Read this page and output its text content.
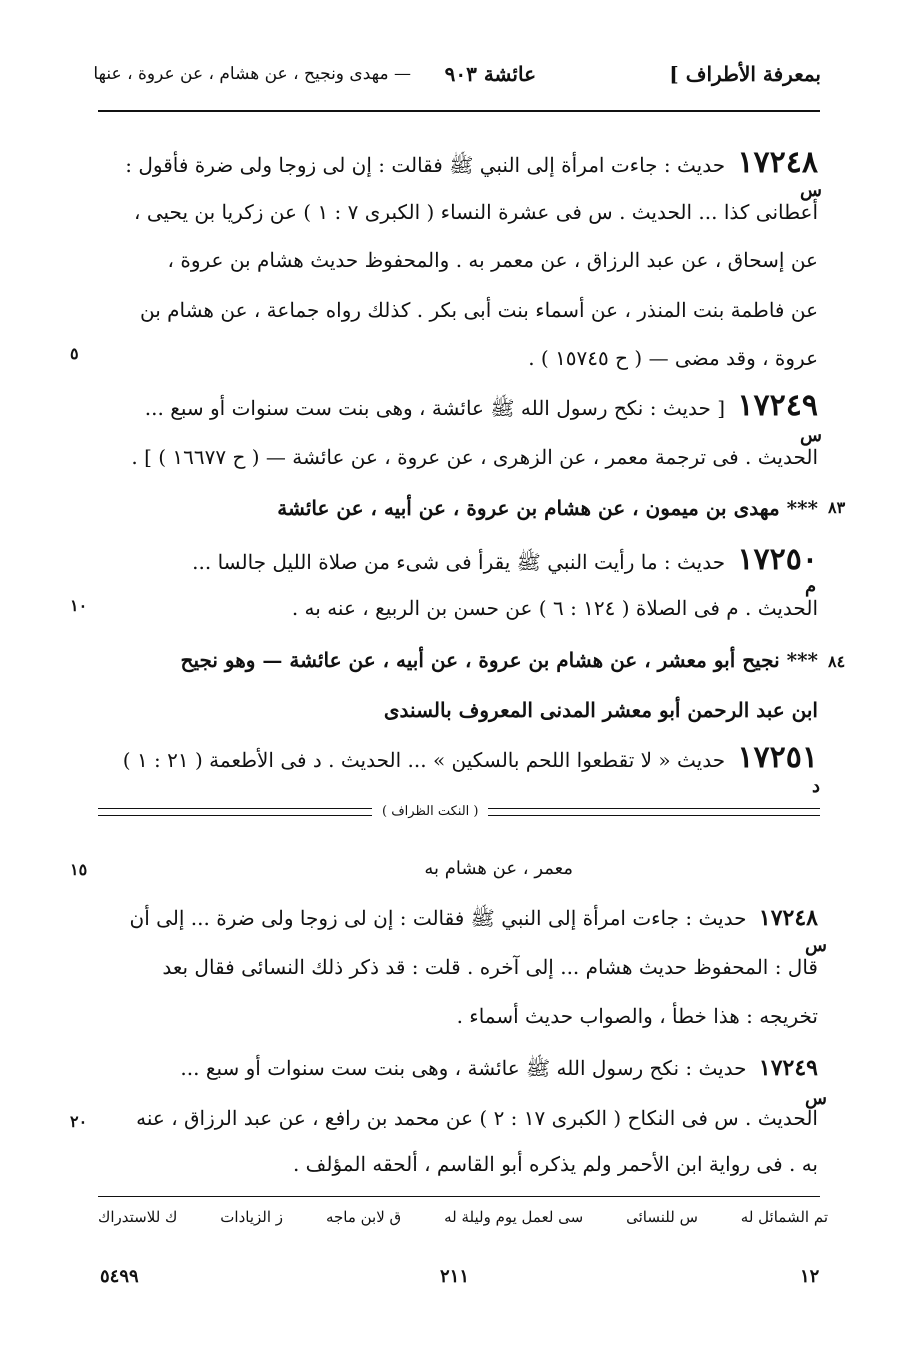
بمعرفة الأطراف ]
عائشة ٩٠٣
— مهدى ونجيح ، عن هشام ، عن عروة ، عنها
١٧٢٤٨ حديث : جاءت امرأة إلى النبي ﷺ فقالت : إن لى زوجا ولى ضرة فأقول :
أعطانى كذا ... الحديث . س فى عشرة النساء ( الكبرى ٧ : ١ ) عن زكريا بن يحيى ،
عن إسحاق ، عن عبد الرزاق ، عن معمر به . والمحفوظ حديث هشام بن عروة ،
عن فاطمة بنت المنذر ، عن أسماء بنت أبى بكر . كذلك رواه جماعة ، عن هشام بن
عروة ، وقد مضى — ( ح ١٥٧٤٥ ) .
س
٥
١٧٢٤٩ [ حديث : نكح رسول الله ﷺ عائشة ، وهى بنت ست سنوات أو سبع ...
الحديث . فى ترجمة معمر ، عن الزهرى ، عن عروة ، عن عائشة — ( ح ١٦٦٧٧ ) ] .
س
*** مهدى بن ميمون ، عن هشام بن عروة ، عن أبيه ، عن عائشة ٨٣
١٧٢٥٠ حديث : ما رأيت النبي ﷺ يقرأ فى شىء من صلاة الليل جالسا ...
الحديث . م فى الصلاة ( ١٢٤ : ٦ ) عن حسن بن الربيع ، عنه به .
م
١٠
*** نجيح أبو معشر ، عن هشام بن عروة ، عن أبيه ، عن عائشة — وهو نجيح ٨٤
ابن عبد الرحمن أبو معشر المدنى المعروف بالسندى
١٧٢٥١ حديث « لا تقطعوا اللحم بالسكين » ... الحديث . د فى الأطعمة ( ٢١ : ١ )
د
( النكت الظراف )
معمر ، عن هشام به
١٥
١٧٢٤٨ حديث : جاءت امرأة إلى النبي ﷺ فقالت : إن لى زوجا ولى ضرة ... إلى أن
قال : المحفوظ حديث هشام ... إلى آخره . قلت : قد ذكر ذلك النسائى فقال بعد
تخريجه : هذا خطأ ، والصواب حديث أسماء .
س
١٧٢٤٩ حديث : نكح رسول الله ﷺ عائشة ، وهى بنت ست سنوات أو سبع ...
الحديث . س فى النكاح ( الكبرى ١٧ : ٢ ) عن محمد بن رافع ، عن عبد الرزاق ، عنه
به . فى رواية ابن الأحمر ولم يذكره أبو القاسم ، ألحقه المؤلف .
س
٢٠
تم الشمائل له
س للنسائى
سى لعمل يوم وليلة له
ق لابن ماجه
ز الزيادات
ك للاستدراك
١٢
٢١١
٥٤٩٩
